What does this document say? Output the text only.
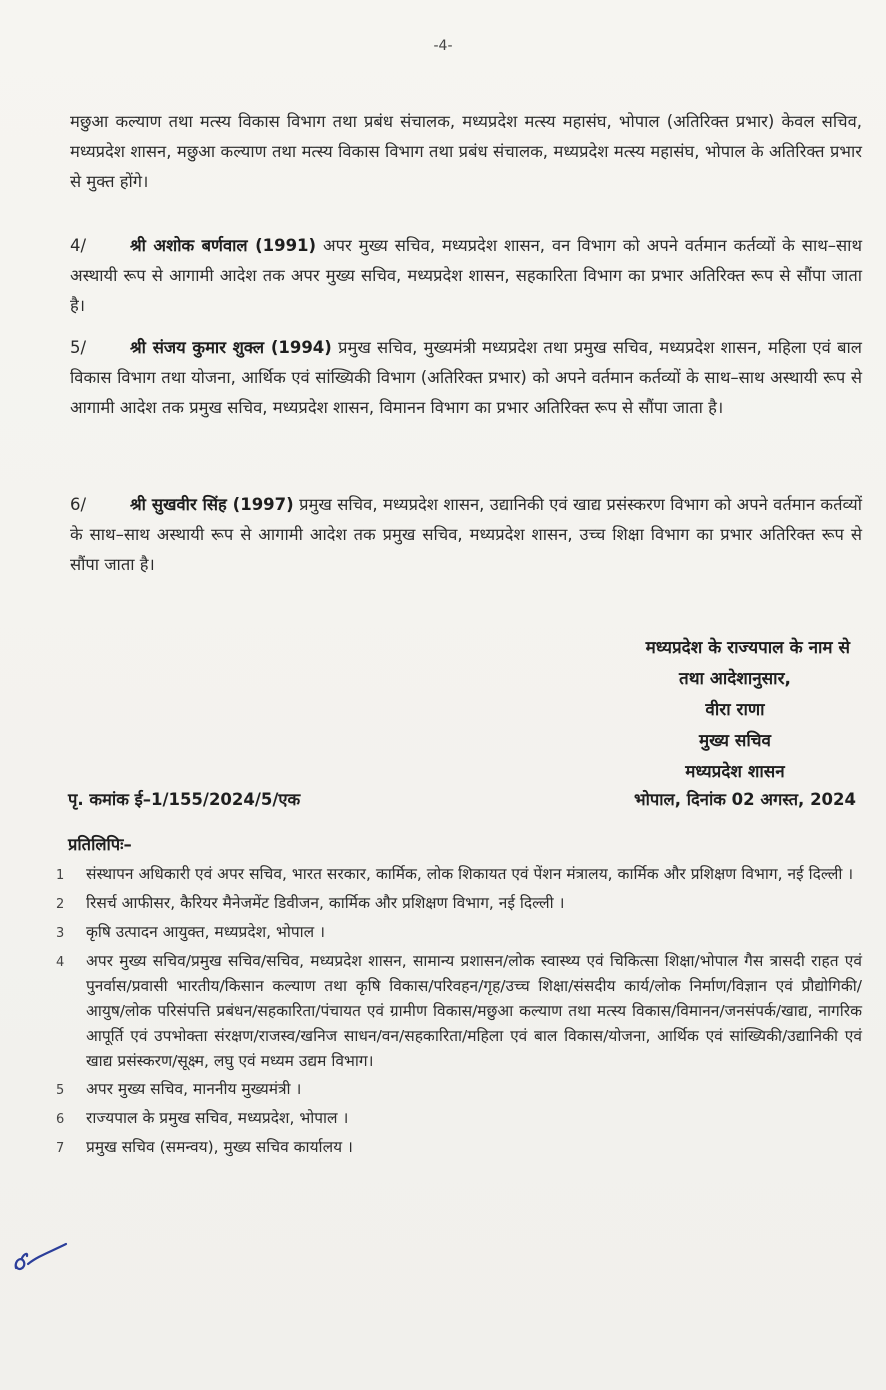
-4-
मछुआ कल्याण तथा मत्स्य विकास विभाग तथा प्रबंध संचालक, मध्यप्रदेश मत्स्य महासंघ, भोपाल (अतिरिक्त प्रभार) केवल सचिव, मध्यप्रदेश शासन, मछुआ कल्याण तथा मत्स्य विकास विभाग तथा प्रबंध संचालक, मध्यप्रदेश मत्स्य महासंघ, भोपाल के अतिरिक्त प्रभार से मुक्त होंगे।
4/	श्री अशोक बर्णवाल (1991) अपर मुख्य सचिव, मध्यप्रदेश शासन, वन विभाग को अपने वर्तमान कर्तव्यों के साथ–साथ अस्थायी रूप से आगामी आदेश तक अपर मुख्य सचिव, मध्यप्रदेश शासन, सहकारिता विभाग का प्रभार अतिरिक्त रूप से सौंपा जाता है।
5/	श्री संजय कुमार शुक्ल (1994) प्रमुख सचिव, मुख्यमंत्री मध्यप्रदेश तथा प्रमुख सचिव, मध्यप्रदेश शासन, महिला एवं बाल विकास विभाग तथा योजना, आर्थिक एवं सांख्यिकी विभाग (अतिरिक्त प्रभार) को अपने वर्तमान कर्तव्यों के साथ–साथ अस्थायी रूप से आगामी आदेश तक प्रमुख सचिव, मध्यप्रदेश शासन, विमानन विभाग का प्रभार अतिरिक्त रूप से सौंपा जाता है।
6/	श्री सुखवीर सिंह (1997) प्रमुख सचिव, मध्यप्रदेश शासन, उद्यानिकी एवं खाद्य प्रसंस्करण विभाग को अपने वर्तमान कर्तव्यों के साथ–साथ अस्थायी रूप से आगामी आदेश तक प्रमुख सचिव, मध्यप्रदेश शासन, उच्च शिक्षा विभाग का प्रभार अतिरिक्त रूप से सौंपा जाता है।
मध्यप्रदेश के राज्यपाल के नाम से
तथा आदेशानुसार,
वीरा राणा
मुख्य सचिव
मध्यप्रदेश शासन
पृ. कमांक ई–1/155/2024/5/एक	भोपाल, दिनांक 02 अगस्त, 2024
प्रतिलिपिः–
1	संस्थापन अधिकारी एवं अपर सचिव, भारत सरकार, कार्मिक, लोक शिकायत एवं पेंशन मंत्रालय, कार्मिक और प्रशिक्षण विभाग, नई दिल्ली ।
2	रिसर्च आफीसर, कैरियर मैनेजमेंट डिवीजन, कार्मिक और प्रशिक्षण विभाग, नई दिल्ली ।
3	कृषि उत्पादन आयुक्त, मध्यप्रदेश, भोपाल ।
4	अपर मुख्य सचिव/प्रमुख सचिव/सचिव, मध्यप्रदेश शासन, सामान्य प्रशासन/लोक स्वास्थ्य एवं चिकित्सा शिक्षा/भोपाल गैस त्रासदी राहत एवं पुनर्वास/प्रवासी भारतीय/किसान कल्याण तथा कृषि विकास/परिवहन/गृह/उच्च शिक्षा/संसदीय कार्य/लोक निर्माण/विज्ञान एवं प्रौद्योगिकी/आयुष/लोक परिसंपत्ति प्रबंधन/सहकारिता/पंचायत एवं ग्रामीण विकास/मछुआ कल्याण तथा मत्स्य विकास/विमानन/जनसंपर्क/खाद्य, नागरिक आपूर्ति एवं उपभोक्ता संरक्षण/राजस्व/खनिज साधन/वन/सहकारिता/महिला एवं बाल विकास/योजना, आर्थिक एवं सांख्यिकी/उद्यानिकी एवं खाद्य प्रसंस्करण/सूक्ष्म, लघु एवं मध्यम उद्यम विभाग।
5	अपर मुख्य सचिव, माननीय मुख्यमंत्री ।
6	राज्यपाल के प्रमुख सचिव, मध्यप्रदेश, भोपाल ।
7	प्रमुख सचिव (समन्वय), मुख्य सचिव कार्यालय ।
